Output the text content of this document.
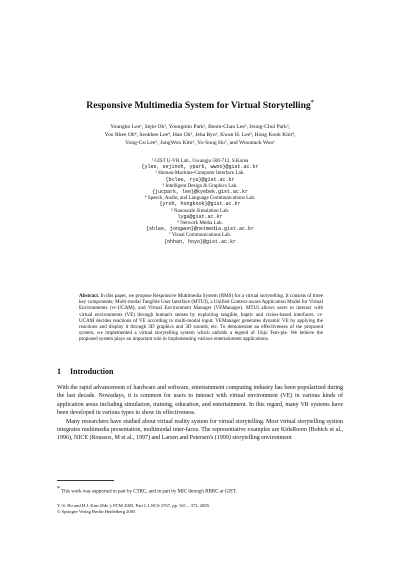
Responsive Multimedia System for Virtual Storytelling*
Youngho Lee¹, Sejin Oh¹, Youngmin Park¹, Beom-Chan Lee², Jeung-Chul Park³,
Yoo Rhee Oh⁴, Seokhee Lee⁴, Han Oh⁵, Jeha Ryu², Kwan H. Lee³, Hong Kook Kim⁴,
Yong-Gu Lee⁵, JongWon Kim⁶, Yo-Sung Ho⁷, and Woontack Woo¹
¹ GIST U-VR Lab., Gwangju 500-712, S.Korea
{ylee, sejinoh, ypark, wwoo}@gist.ac.kr
² Human-Machine-Computer Interface Lab.
{bclee, ryu}@gist.ac.kr
³ Intelligent Design & Graphics Lab.
{jucpark, lee}@kyebek.gist.ac.kr
⁴ Speech, Audio, and Language Communications Lab.
{yroh, hongkook}@gist.ac.kr
⁵ Nanoscale Simulation Lab.
lygu@gist.ac.kr
⁶ Network Media Lab.
{shlee, jongwon}@netmedia.gist.ac.kr
⁷ Visual Communications Lab.
{ohhan, hoyo}@gist.ac.kr
Abstract. In this paper, we propose Responsive Multimedia System (RMS) for a virtual storytelling. It consists of three key components; Multi-modal Tangible User Interface (MTUI), a Unified Context-aware Application Model for Virtual Environments (vr-UCAM), and Virtual Environment Manager (VEManager). MTUI allows users to interact with virtual environments (VE) through human's senses by exploiting tangible, haptic and vision-based interfaces. vr-UCAM decides reactions of VE according to multi-modal input. VEManager generates dynamic VE by applying the reactions and display it through 3D graphics and 3D sounds, etc. To demonstrate an effectiveness of the proposed system, we implemented a virtual storytelling system which unfolds a legend of Unju Tem-ple. We believe the proposed system plays an important role in implementing various entertainment applications.
1 Introduction

With the rapid advancement of hardware and software, entertainment computing industry has been popularized during the last decade. Nowadays, it is common for users to interact with virtual environment (VE) in various kinds of application areas including simulation, training, education, and entertainment. In this regard, many VR systems have been developed in various types to show its effectiveness.

Many researchers have studied about virtual reality system for virtual storytelling. Most virtual storytelling system integrates multimedia presentation, multimodal inter-faces. The representative examples are KidsRoom (Bobick et al., 1996), NICE (Roussos, M et al., 1997) and Larsen and Petersen's (1999) storytelling environment

* This work was supported in part by CTRC, and in part by MIC through RBRC at GIST.
Y.-S. Ho and H.J. Kim (Eds.): PCM 2005, Part I, LNCS 3767, pp. 361 – 372, 2005.
© Springer-Verlag Berlin Heidelberg 2005
